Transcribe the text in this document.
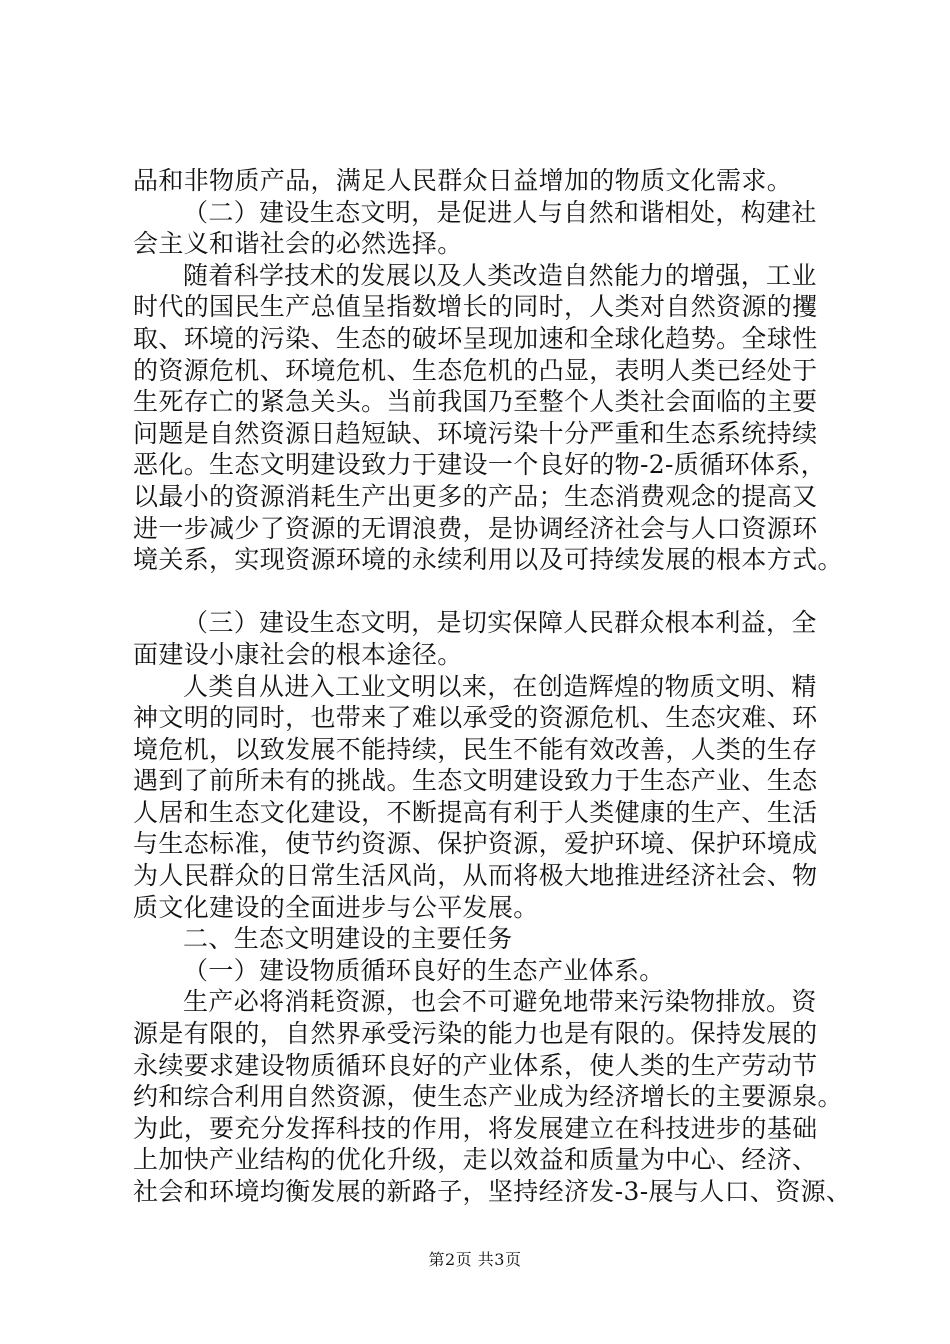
品和非物质产品，满足人民群众日益增加的物质文化需求。
（二）建设生态文明，是促进人与自然和谐相处，构建社
会主义和谐社会的必然选择。
随着科学技术的发展以及人类改造自然能力的增强，工业
时代的国民生产总值呈指数增长的同时，人类对自然资源的攫
取、环境的污染、生态的破坏呈现加速和全球化趋势。全球性
的资源危机、环境危机、生态危机的凸显，表明人类已经处于
生死存亡的紧急关头。当前我国乃至整个人类社会面临的主要
问题是自然资源日趋短缺、环境污染十分严重和生态系统持续
恶化。生态文明建设致力于建设一个良好的物-2-质循环体系，
以最小的资源消耗生产出更多的产品；生态消费观念的提高又
进一步减少了资源的无谓浪费，是协调经济社会与人口资源环
境关系，实现资源环境的永续利用以及可持续发展的根本方式。
（三）建设生态文明，是切实保障人民群众根本利益，全
面建设小康社会的根本途径。
人类自从进入工业文明以来，在创造辉煌的物质文明、精
神文明的同时，也带来了难以承受的资源危机、生态灾难、环
境危机，以致发展不能持续，民生不能有效改善，人类的生存
遇到了前所未有的挑战。生态文明建设致力于生态产业、生态
人居和生态文化建设，不断提高有利于人类健康的生产、生活
与生态标准，使节约资源、保护资源，爱护环境、保护环境成
为人民群众的日常生活风尚，从而将极大地推进经济社会、物
质文化建设的全面进步与公平发展。
二、生态文明建设的主要任务
（一）建设物质循环良好的生态产业体系。
生产必将消耗资源，也会不可避免地带来污染物排放。资
源是有限的，自然界承受污染的能力也是有限的。保持发展的
永续要求建设物质循环良好的产业体系，使人类的生产劳动节
约和综合利用自然资源，使生态产业成为经济增长的主要源泉。
为此，要充分发挥科技的作用，将发展建立在科技进步的基础
上加快产业结构的优化升级，走以效益和质量为中心、经济、
社会和环境均衡发展的新路子，坚持经济发-3-展与人口、资源、
第2页 共3页
